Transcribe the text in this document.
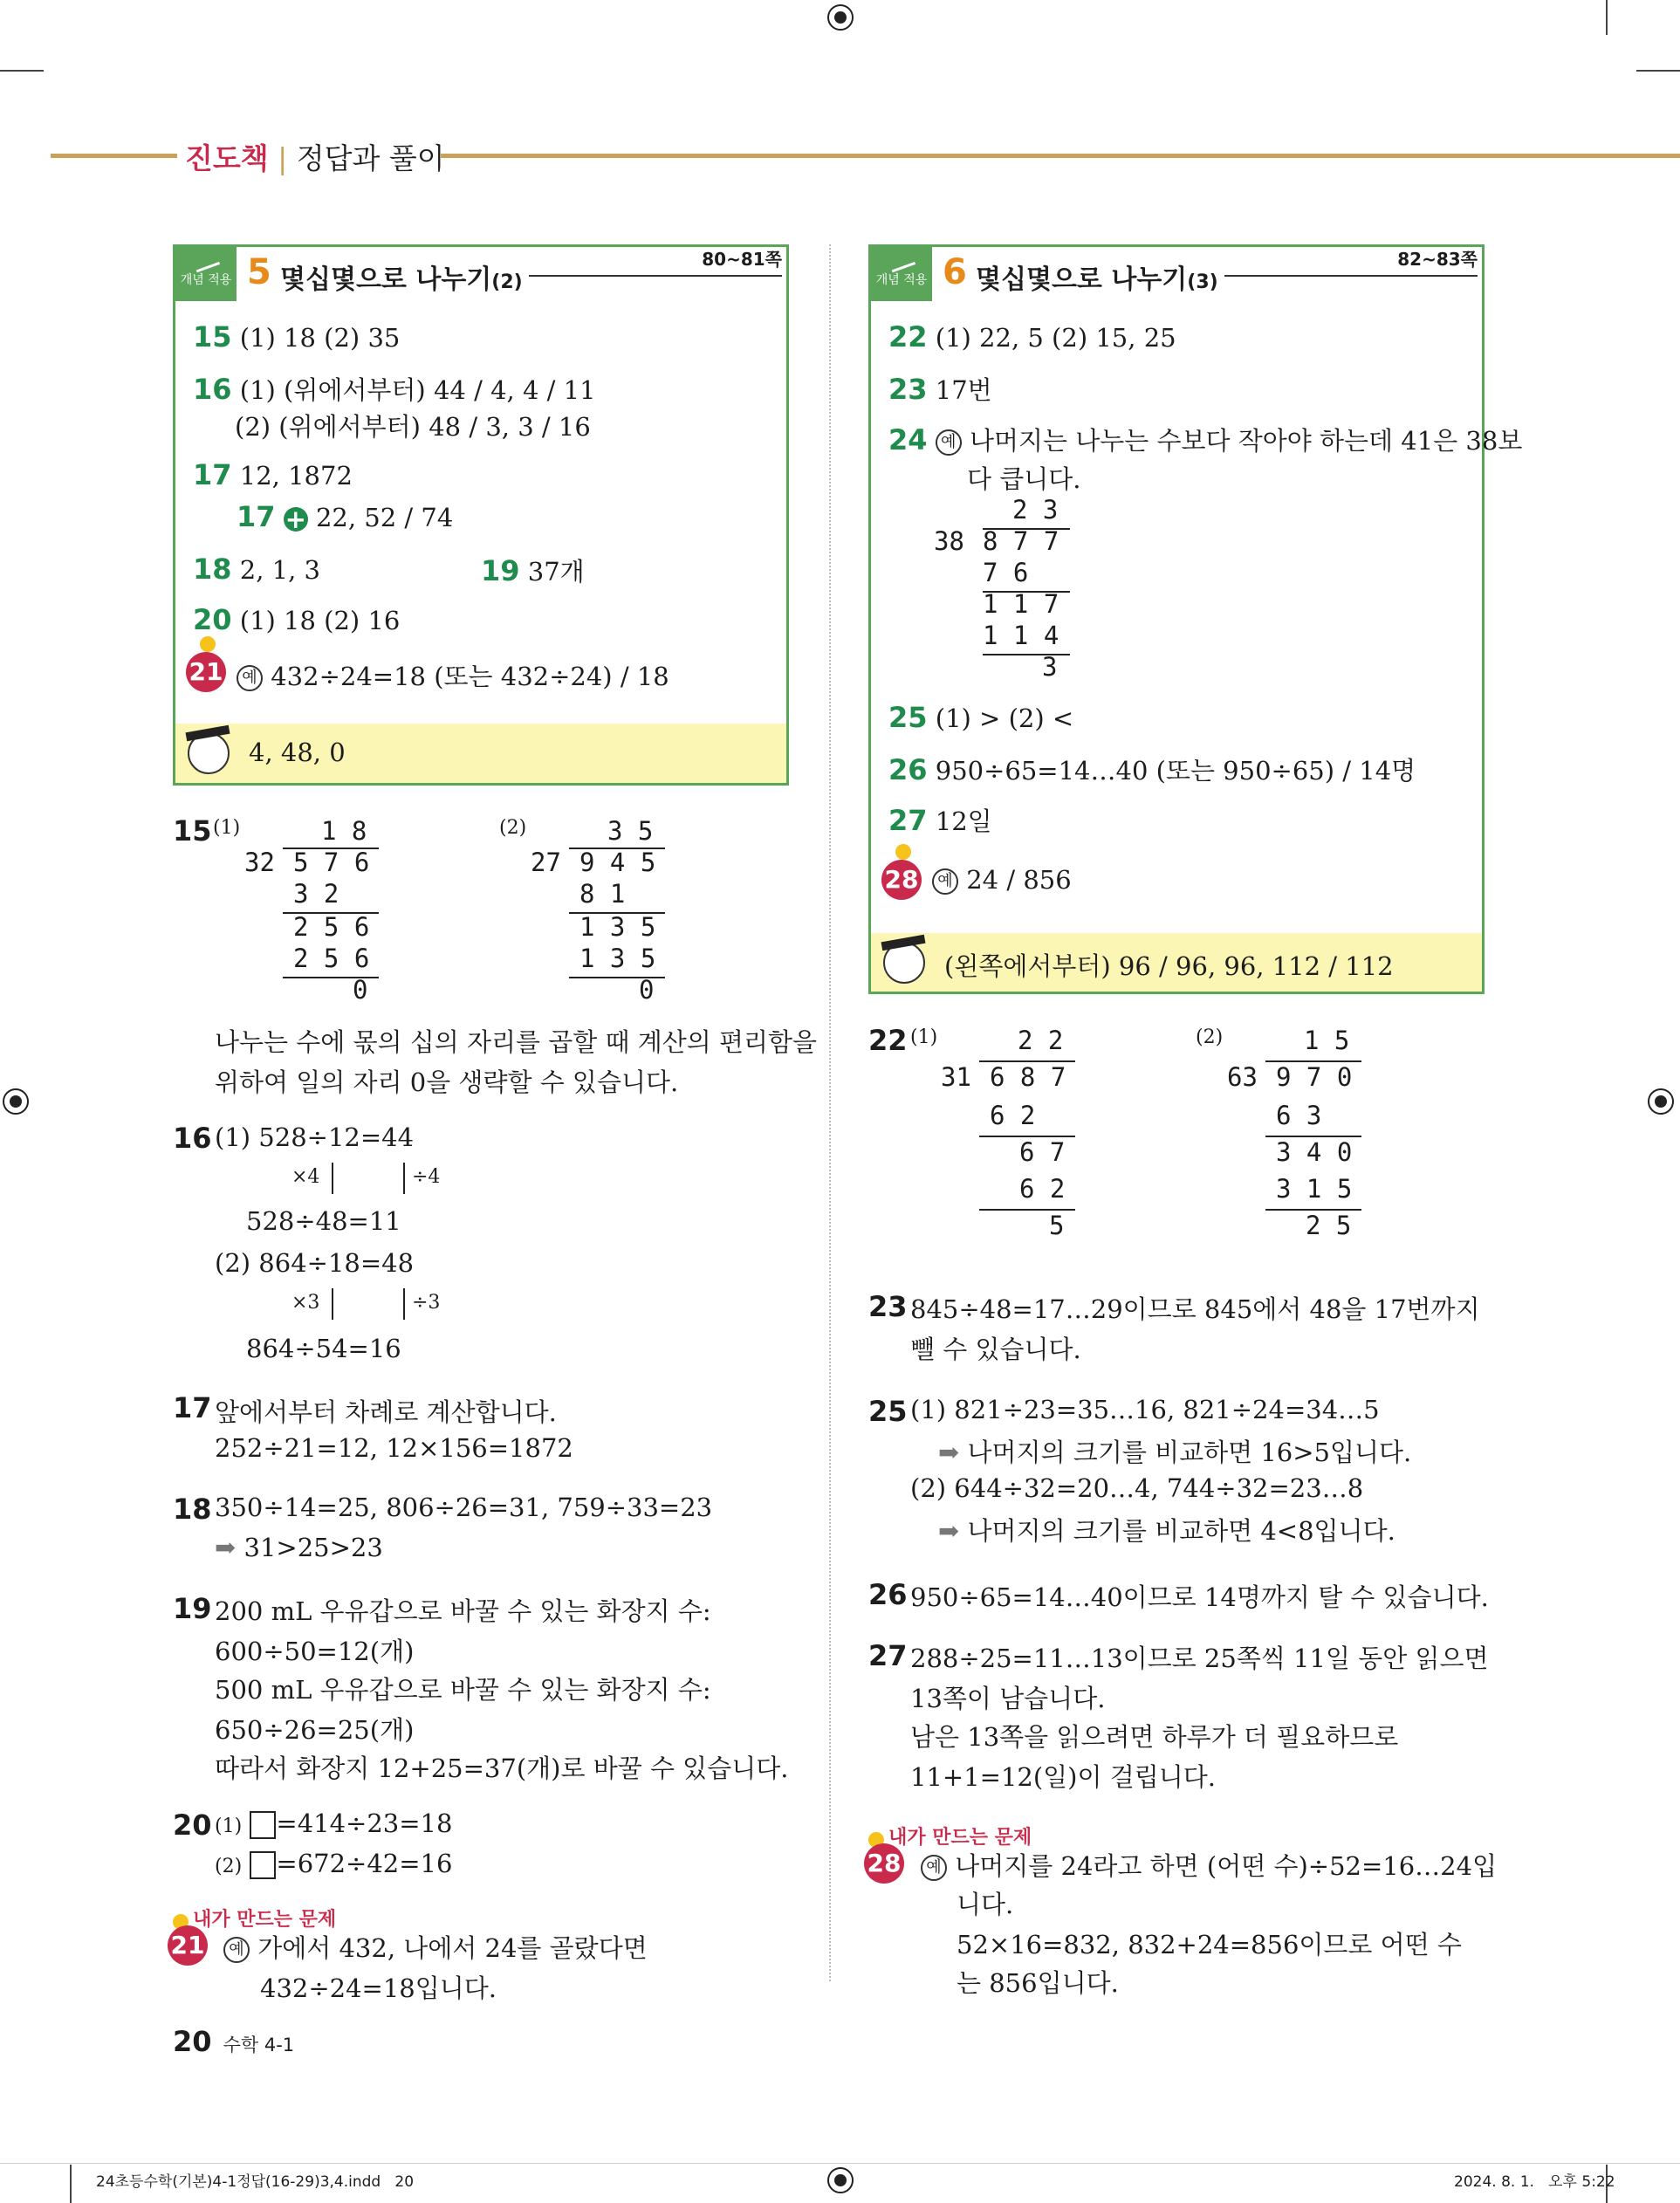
진도책 | 정답과 풀이
개념 적용 5 몇십몇으로 나누기(2)
80~81쪽
15 (1) 18 (2) 35
16 (1) (위에서부터) 44 / 4, 4 / 11
(2) (위에서부터) 48 / 3, 3 / 16
17 12, 1872
17 + 22, 52 / 74
18 2, 1, 3	19 37개
20 (1) 18 (2) 16
21	예 432÷24=18 (또는 432÷24) / 18
4, 48, 0
개념 적용 6 몇십몇으로 나누기(3)
82~83쪽
22 (1) 22, 5 (2) 15, 25
23 17번
24 예 나머지는 나누는 수보다 작아야 하는데 41은 38보
다 큽니다.
2 3
38 8 7 7
7 6
1 1 7
1 1 4
3
25 (1) > (2) <
26 950÷65=14…40 (또는 950÷65) / 14명
27 12일
28	예 24 / 856
(왼쪽에서부터) 96 / 96, 96, 112 / 112
15 (1)	1 8
32 5 7 6
3 2
2 5 6
2 5 6
0
(2)	3 5
27 9 4 5
8 1
1 3 5
1 3 5
0
나누는 수에 몫의 십의 자리를 곱할 때 계산의 편리함을
위하여 일의 자리 0을 생략할 수 있습니다.
16 (1) 528÷12=44
×4	÷4
528÷48=11
(2) 864÷18=48
×3	÷3
864÷54=16
17 앞에서부터 차례로 계산합니다.
252÷21=12, 12×156=1872
18 350÷14=25, 806÷26=31, 759÷33=23
➡ 31>25>23
19 200 mL 우유갑으로 바꿀 수 있는 화장지 수:
600÷50=12(개)
500 mL 우유갑으로 바꿀 수 있는 화장지 수:
650÷26=25(개)
따라서 화장지 12+25=37(개)로 바꿀 수 있습니다.
20 (1) =414÷23=18
(2) =672÷42=16
내가 만드는 문제
21	예 가에서 432, 나에서 24를 골랐다면
432÷24=18입니다.
22 (1)	2 2
31 6 8 7
6 2
6 7
6 2
5
(2)	1 5
63 9 7 0
6 3
3 4 0
3 1 5
2 5
23 845÷48=17…29이므로 845에서 48을 17번까지
뺄 수 있습니다.
25 (1) 821÷23=35…16, 821÷24=34…5
➡ 나머지의 크기를 비교하면 16>5입니다.
(2) 644÷32=20…4, 744÷32=23…8
➡ 나머지의 크기를 비교하면 4<8입니다.
26 950÷65=14…40이므로 14명까지 탈 수 있습니다.
27 288÷25=11…13이므로 25쪽씩 11일 동안 읽으면
13쪽이 남습니다.
남은 13쪽을 읽으려면 하루가 더 필요하므로
11+1=12(일)이 걸립니다.
내가 만드는 문제
28	예 나머지를 24라고 하면 (어떤 수)÷52=16…24입
니다.
52×16=832, 832+24=856이므로 어떤 수
는 856입니다.
20 수학 4-1
24초등수학(기본)4-1정답(16-29)3,4.indd   20	2024. 8. 1.   오후 5:22
